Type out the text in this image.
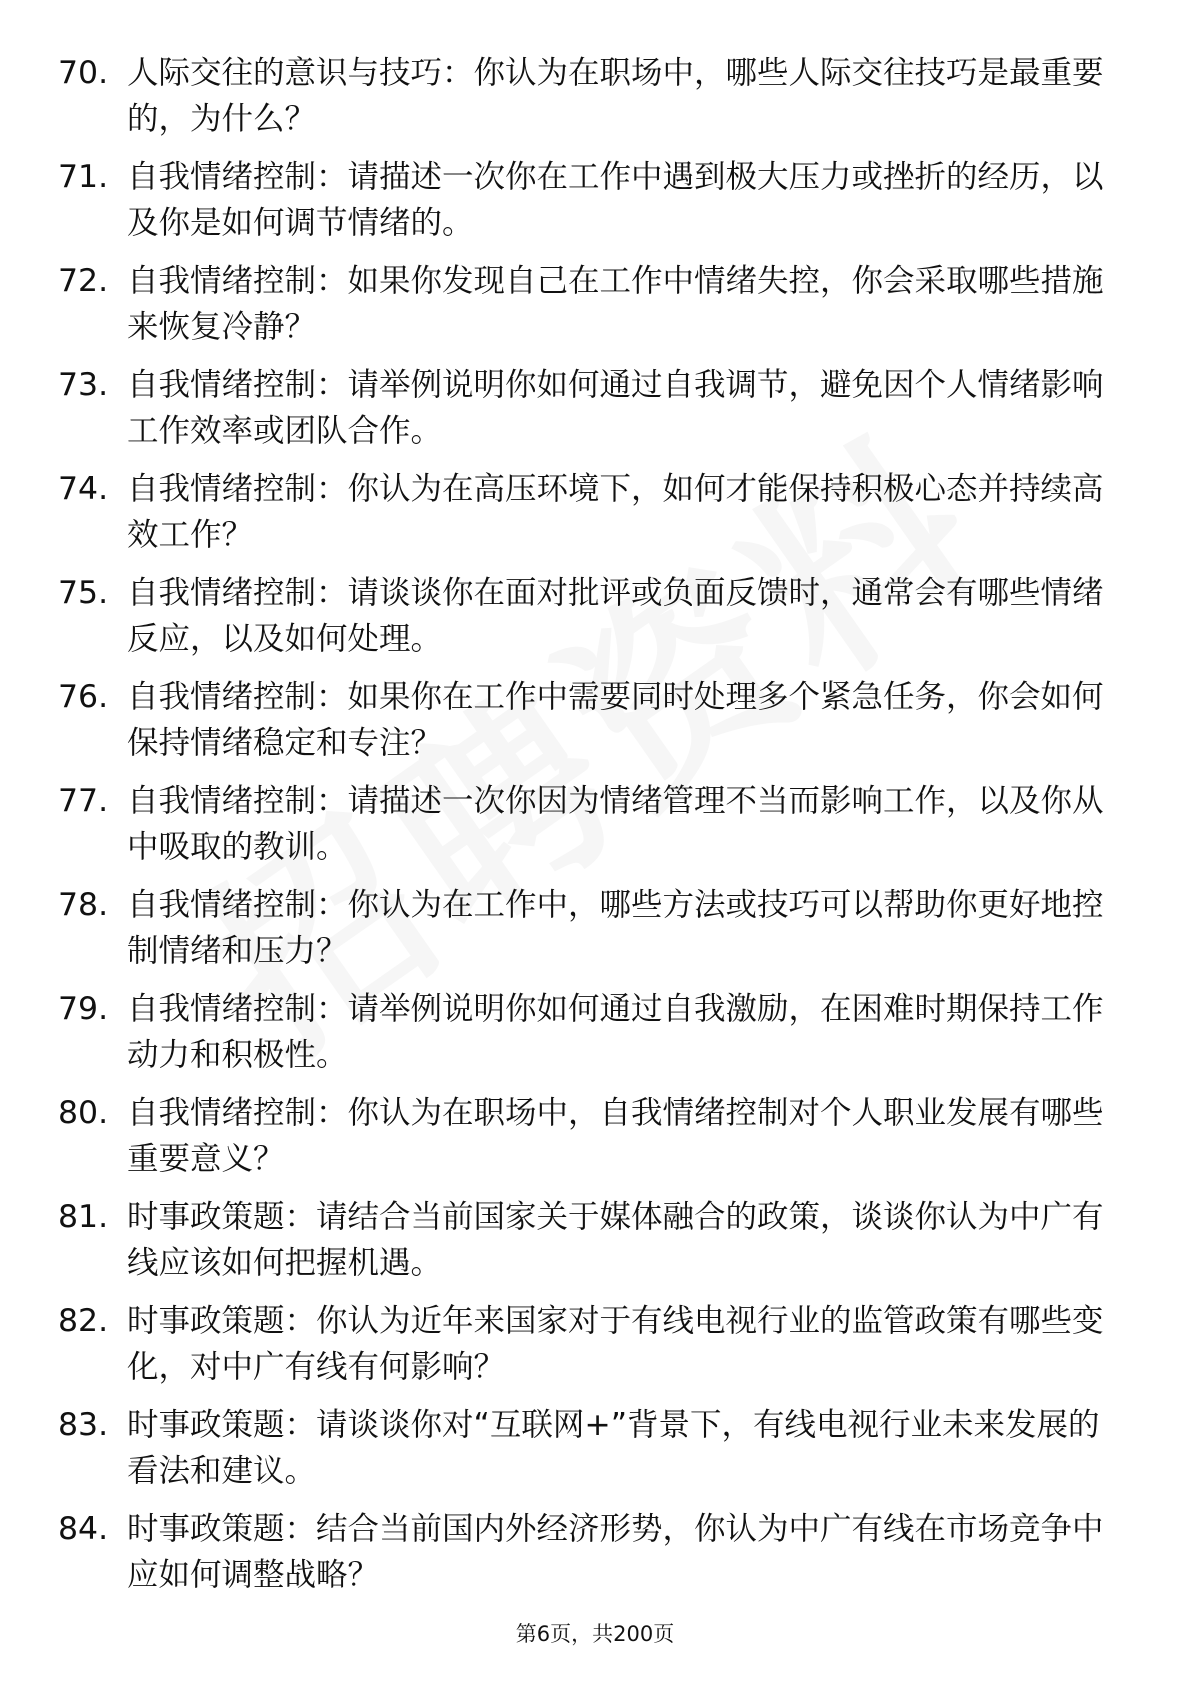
70. 人际交往的意识与技巧：你认为在职场中，哪些人际交往技巧是最重要的，为什么？
71. 自我情绪控制：请描述一次你在工作中遇到极大压力或挫折的经历，以及你是如何调节情绪的。
72. 自我情绪控制：如果你发现自己在工作中情绪失控，你会采取哪些措施来恢复冷静？
73. 自我情绪控制：请举例说明你如何通过自我调节，避免因个人情绪影响工作效率或团队合作。
74. 自我情绪控制：你认为在高压环境下，如何才能保持积极心态并持续高效工作？
75. 自我情绪控制：请谈谈你在面对批评或负面反馈时，通常会有哪些情绪反应，以及如何处理。
76. 自我情绪控制：如果你在工作中需要同时处理多个紧急任务，你会如何保持情绪稳定和专注？
77. 自我情绪控制：请描述一次你因为情绪管理不当而影响工作，以及你从中吸取的教训。
78. 自我情绪控制：你认为在工作中，哪些方法或技巧可以帮助你更好地控制情绪和压力？
79. 自我情绪控制：请举例说明你如何通过自我激励，在困难时期保持工作动力和积极性。
80. 自我情绪控制：你认为在职场中，自我情绪控制对个人职业发展有哪些重要意义？
81. 时事政策题：请结合当前国家关于媒体融合的政策，谈谈你认为中广有线应该如何把握机遇。
82. 时事政策题：你认为近年来国家对于有线电视行业的监管政策有哪些变化，对中广有线有何影响？
83. 时事政策题：请谈谈你对“互联网+”背景下，有线电视行业未来发展的看法和建议。
84. 时事政策题：结合当前国内外经济形势，你认为中广有线在市场竞争中应如何调整战略？
第6页，共200页
